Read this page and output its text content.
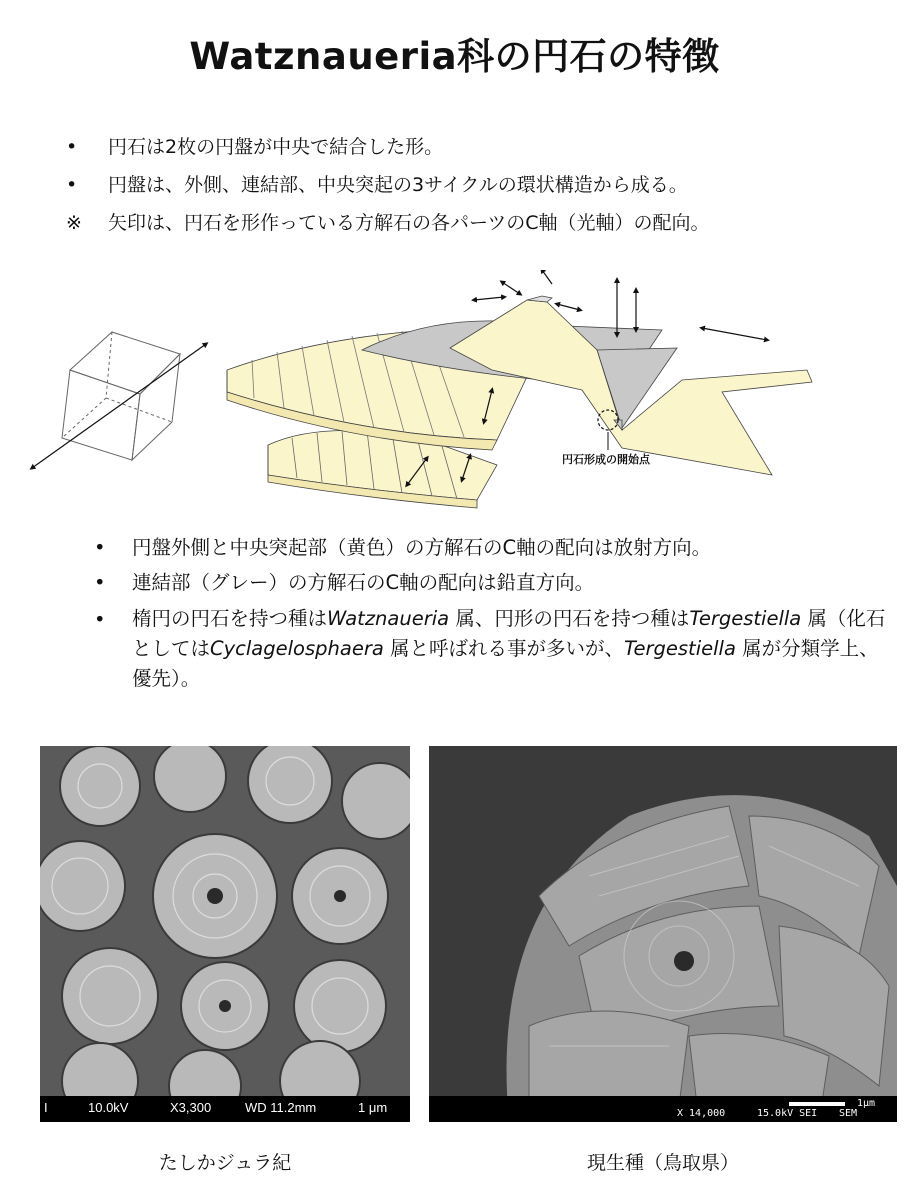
Watznaueria科の円石の特徴
•	円石は2枚の円盤が中央で結合した形。
•	円盤は、外側、連結部、中央突起の3サイクルの環状構造から成る。
※	矢印は、円石を形作っている方解石の各パーツのC軸（光軸）の配向。
円石形成の開始点
•	円盤外側と中央突起部（黄色）の方解石のC軸の配向は放射方向。
•	連結部（グレー）の方解石のC軸の配向は鉛直方向。
•	楕円の円石を持つ種はWatznaueria 属、円形の円石を持つ種はTergestiella 属（化石としてはCyclagelosphaera 属と呼ばれる事が多いが、Tergestiella 属が分類学上、優先）。
I	10.0kV	X3,300	WD 11.2mm	1 μm
たしかジュラ紀
X 14,000	15.0kV SEI SEM
1μm
現生種（鳥取県）
